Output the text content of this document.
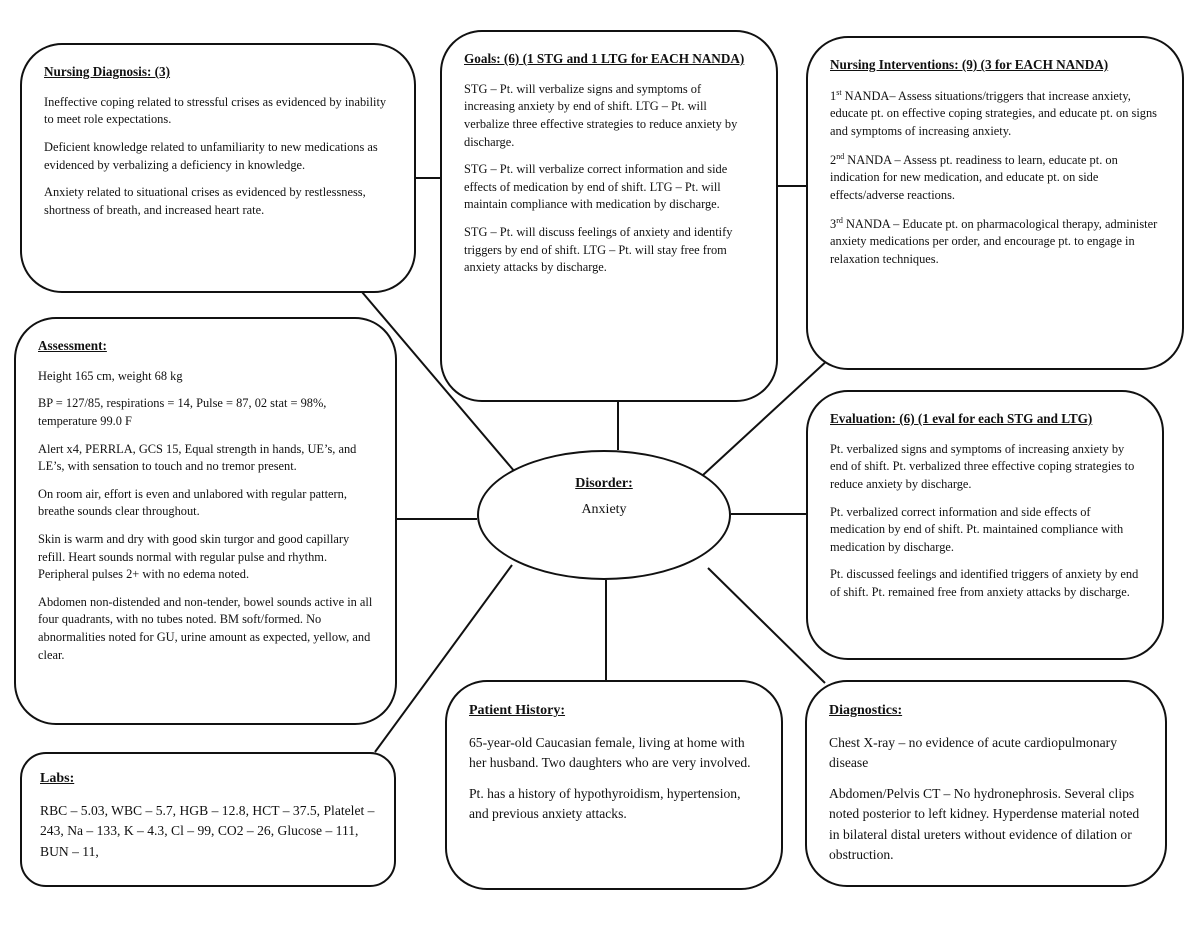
Nursing Diagnosis: (3)

Ineffective coping related to stressful crises as evidenced by inability to meet role expectations.

Deficient knowledge related to unfamiliarity to new medications as evidenced by verbalizing a deficiency in knowledge.

Anxiety related to situational crises as evidenced by restlessness, shortness of breath, and increased heart rate.

Goals: (6) (1 STG and 1 LTG for EACH NANDA)

STG – Pt. will verbalize signs and symptoms of increasing anxiety by end of shift. LTG – Pt. will verbalize three effective strategies to reduce anxiety by discharge.

STG – Pt. will verbalize correct information and side effects of medication by end of shift. LTG – Pt. will maintain compliance with medication by discharge.

STG – Pt. will discuss feelings of anxiety and identify triggers by end of shift. LTG – Pt. will stay free from anxiety attacks by discharge.

Nursing Interventions: (9) (3 for EACH NANDA)

1st NANDA– Assess situations/triggers that increase anxiety, educate pt. on effective coping strategies, and educate pt. on signs and symptoms of increasing anxiety.

2nd NANDA – Assess pt. readiness to learn, educate pt. on indication for new medication, and educate pt. on side effects/adverse reactions.

3rd NANDA – Educate pt. on pharmacological therapy, administer anxiety medications per order, and encourage pt. to engage in relaxation techniques.

Assessment:

Height 165 cm, weight 68 kg

BP = 127/85, respirations = 14, Pulse = 87, 02 stat = 98%, temperature 99.0 F

Alert x4, PERRLA, GCS 15, Equal strength in hands, UE’s, and LE’s, with sensation to touch and no tremor present.

On room air, effort is even and unlabored with regular pattern, breathe sounds clear throughout.

Skin is warm and dry with good skin turgor and good capillary refill. Heart sounds normal with regular pulse and rhythm. Peripheral pulses 2+ with no edema noted.

Abdomen non-distended and non-tender, bowel sounds active in all four quadrants, with no tubes noted. BM soft/formed. No abnormalities noted for GU, urine amount as expected, yellow, and clear.

Disorder:
Anxiety
Evaluation: (6) (1 eval for each STG and LTG)

Pt. verbalized signs and symptoms of increasing anxiety by end of shift. Pt. verbalized three effective coping strategies to reduce anxiety by discharge.

Pt. verbalized correct information and side effects of medication by end of shift. Pt. maintained compliance with medication by discharge.

Pt. discussed feelings and identified triggers of anxiety by end of shift. Pt. remained free from anxiety attacks by discharge.

Labs:

RBC – 5.03, WBC – 5.7, HGB – 12.8, HCT – 37.5, Platelet – 243, Na – 133, K – 4.3, Cl – 99, CO2 – 26, Glucose – 111, BUN – 11,

Patient History:

65-year-old Caucasian female, living at home with her husband. Two daughters who are very involved.

Pt. has a history of hypothyroidism, hypertension, and previous anxiety attacks.

Diagnostics:

Chest X-ray – no evidence of acute cardiopulmonary disease

Abdomen/Pelvis CT – No hydronephrosis. Several clips noted posterior to left kidney. Hyperdense material noted in bilateral distal ureters without evidence of dilation or obstruction.
